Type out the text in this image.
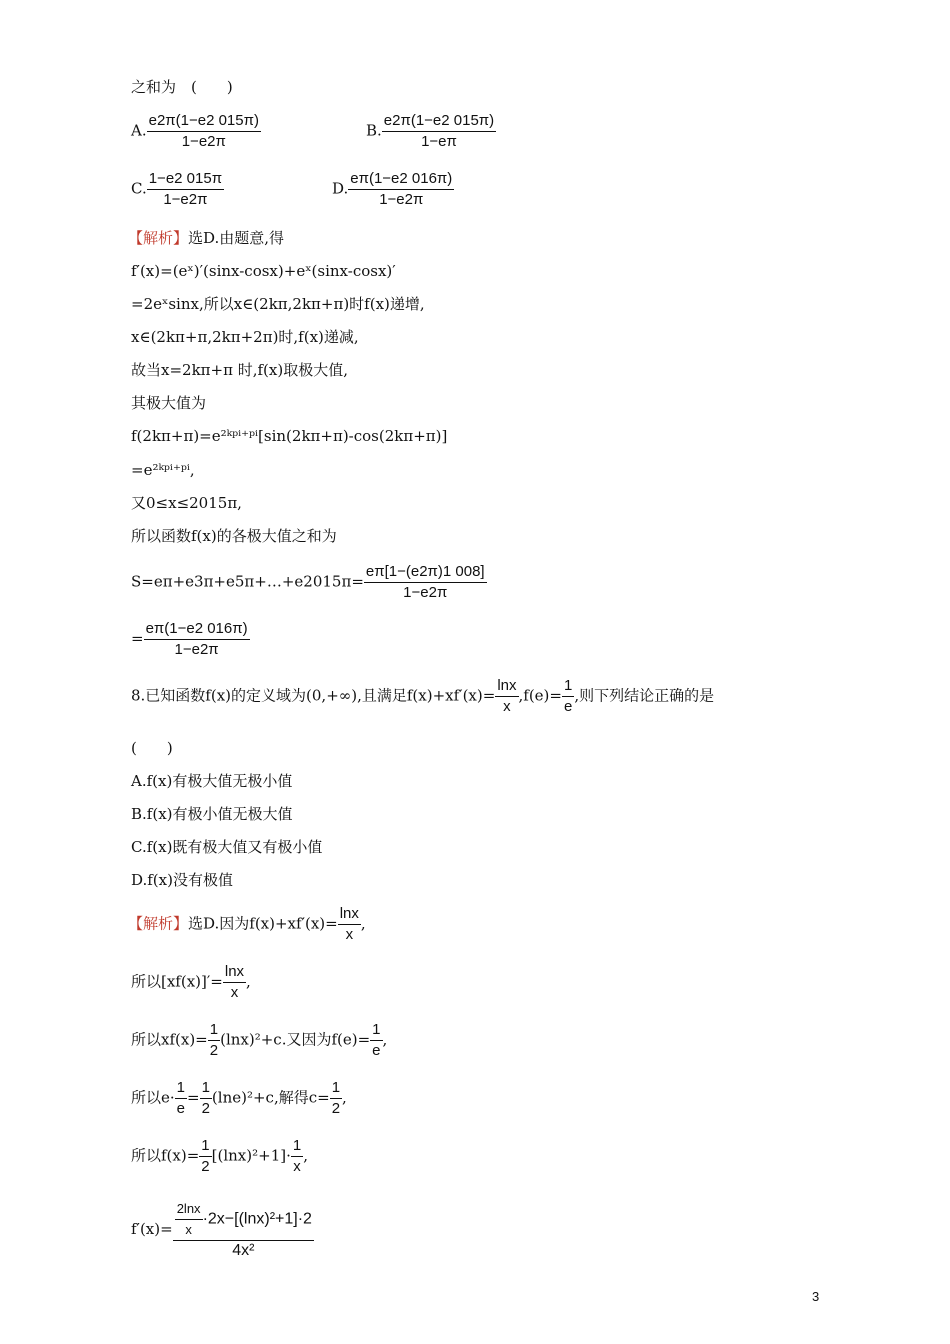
之和为　(　　)
A. $\frac{e2\pi(1-e2 015\pi)}{1-e2\pi}$	B. $\frac{e2\pi(1-e2 015\pi)}{1-e\pi}$
C. $\frac{1-e2 015\pi}{1-e2\pi}$	D. $\frac{e\pi(1-e2 016\pi)}{1-e2\pi}$
【解析】选D.由题意,得
f′(x)=(eˣ)′(sinx-cosx)+eˣ(sinx-cosx)′
=2eˣsinx,所以x∈(2kπ,2kπ+π)时f(x)递增,
x∈(2kπ+π,2kπ+2π)时,f(x)递减,
故当x=2kπ+π 时,f(x)取极大值,
其极大值为
f(2kπ+π)=e²ᵏᵖⁱ⁺ᵖⁱ[sin(2kπ+π)-cos(2kπ+π)]
=e²ᵏᵖⁱ⁺ᵖⁱ,
又0≤x≤2015π,
所以函数f(x)的各极大值之和为
S=eπ+e3π+e5π+…+e2015π= $\frac{e\pi[1-(e2\pi)1 008]}{1-e2\pi}$
= $\frac{e\pi(1-e2 016\pi)}{1-e2\pi}$
8.已知函数f(x)的定义域为(0,+∞),且满足$f(x)+xf'(x)= \frac{\ln x}{x} ,f(e)= \frac{1}{e}$ ,则下列结论正确的是
(　　)
A.f(x)有极大值无极小值
B.f(x)有极小值无极大值
C.f(x)既有极大值又有极小值
D.f(x)没有极值
【解析】选D.因为$f(x)+xf'(x)= \frac{\ln x}{x}$ ,
所以$[xf(x)]'= \frac{\ln x}{x}$ ,
所以$xf(x)= \frac{1}{2} (\ln x)^2+c$.又因为$f(e)= \frac{1}{e}$ ,
所以$e\cdot \frac{1}{e} = \frac{1}{2} (\ln e)^2+c$,解得$c= \frac{1}{2}$ ,
所以$f(x)= \frac{1}{2} [(\ln x)^2+1]\cdot \frac{1}{x}$ ,
$f'(x)= \frac{\frac{2\ln x}{x} \cdot 2x-[(\ln x)^2+1]\cdot 2}{\text{4x²}}$
3
